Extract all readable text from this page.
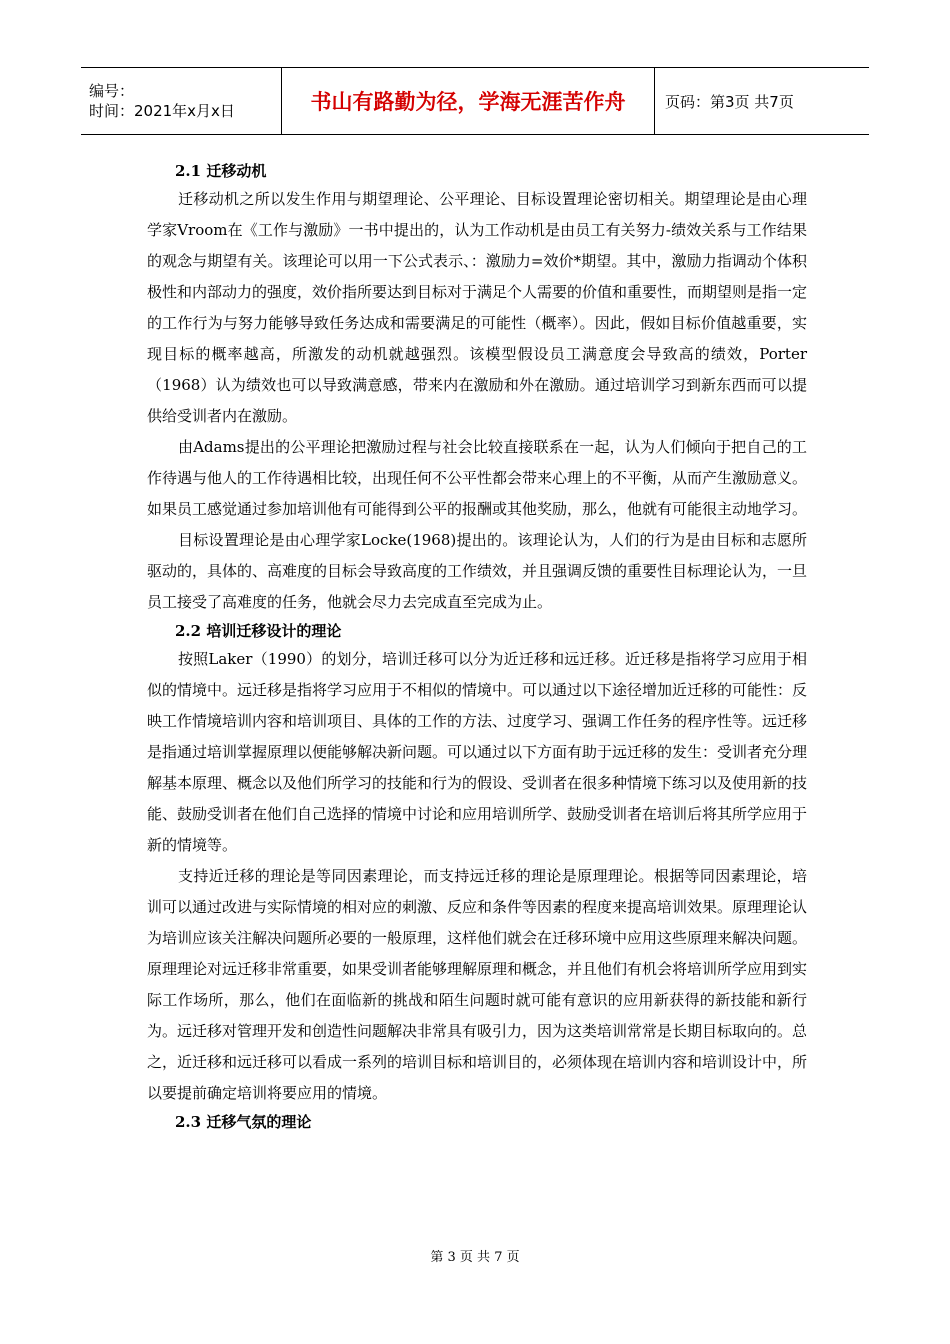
编号：
时间：2021年x月x日	书山有路勤为径，学海无涯苦作舟	页码：第3页 共7页
2.1 迁移动机

迁移动机之所以发生作用与期望理论、公平理论、目标设置理论密切相关。期望理论是由心理学家Vroom在《工作与激励》一书中提出的，认为工作动机是由员工有关努力-绩效关系与工作结果的观念与期望有关。该理论可以用一下公式表示、：激励力=效价*期望。其中，激励力指调动个体积极性和内部动力的强度，效价指所要达到目标对于满足个人需要的价值和重要性，而期望则是指一定的工作行为与努力能够导致任务达成和需要满足的可能性（概率）。因此，假如目标价值越重要，实现目标的概率越高，所激发的动机就越强烈。该模型假设员工满意度会导致高的绩效，Porter（1968）认为绩效也可以导致满意感，带来内在激励和外在激励。通过培训学习到新东西而可以提供给受训者内在激励。

由Adams提出的公平理论把激励过程与社会比较直接联系在一起，认为人们倾向于把自己的工作待遇与他人的工作待遇相比较，出现任何不公平性都会带来心理上的不平衡，从而产生激励意义。如果员工感觉通过参加培训他有可能得到公平的报酬或其他奖励，那么，他就有可能很主动地学习。

目标设置理论是由心理学家Locke(1968)提出的。该理论认为，人们的行为是由目标和志愿所驱动的，具体的、高难度的目标会导致高度的工作绩效，并且强调反馈的重要性目标理论认为，一旦员工接受了高难度的任务，他就会尽力去完成直至完成为止。

2.2 培训迁移设计的理论

按照Laker（1990）的划分，培训迁移可以分为近迁移和远迁移。近迁移是指将学习应用于相似的情境中。远迁移是指将学习应用于不相似的情境中。可以通过以下途径增加近迁移的可能性：反映工作情境培训内容和培训项目、具体的工作的方法、过度学习、强调工作任务的程序性等。远迁移是指通过培训掌握原理以便能够解决新问题。可以通过以下方面有助于远迁移的发生：受训者充分理解基本原理、概念以及他们所学习的技能和行为的假设、受训者在很多种情境下练习以及使用新的技能、鼓励受训者在他们自己选择的情境中讨论和应用培训所学、鼓励受训者在培训后将其所学应用于新的情境等。

支持近迁移的理论是等同因素理论，而支持远迁移的理论是原理理论。根据等同因素理论，培训可以通过改进与实际情境的相对应的刺激、反应和条件等因素的程度来提高培训效果。原理理论认为培训应该关注解决问题所必要的一般原理，这样他们就会在迁移环境中应用这些原理来解决问题。原理理论对远迁移非常重要，如果受训者能够理解原理和概念，并且他们有机会将培训所学应用到实际工作场所，那么，他们在面临新的挑战和陌生问题时就可能有意识的应用新获得的新技能和新行为。远迁移对管理开发和创造性问题解决非常具有吸引力，因为这类培训常常是长期目标取向的。总之，近迁移和远迁移可以看成一系列的培训目标和培训目的，必须体现在培训内容和培训设计中，所以要提前确定培训将要应用的情境。

2.3 迁移气氛的理论
第 3 页 共 7 页
